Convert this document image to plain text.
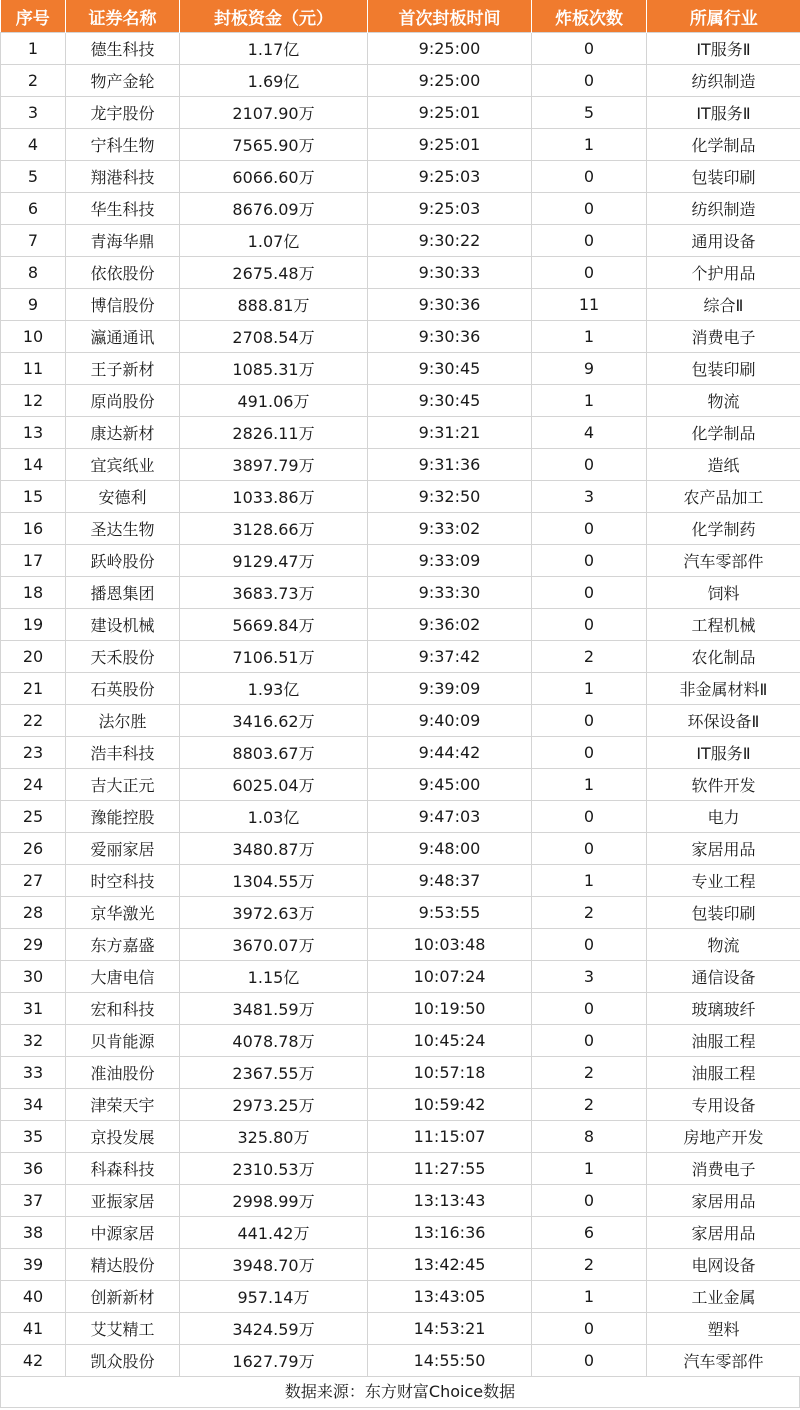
序号	证券名称	封板资金（元）	首次封板时间	炸板次数	所属行业
1	德生科技	1.17亿	9:25:00	0	IT服务Ⅱ
2	物产金轮	1.69亿	9:25:00	0	纺织制造
3	龙宇股份	2107.90万	9:25:01	5	IT服务Ⅱ
4	宁科生物	7565.90万	9:25:01	1	化学制品
5	翔港科技	6066.60万	9:25:03	0	包装印刷
6	华生科技	8676.09万	9:25:03	0	纺织制造
7	青海华鼎	1.07亿	9:30:22	0	通用设备
8	依依股份	2675.48万	9:30:33	0	个护用品
9	博信股份	888.81万	9:30:36	11	综合Ⅱ
10	瀛通通讯	2708.54万	9:30:36	1	消费电子
11	王子新材	1085.31万	9:30:45	9	包装印刷
12	原尚股份	491.06万	9:30:45	1	物流
13	康达新材	2826.11万	9:31:21	4	化学制品
14	宜宾纸业	3897.79万	9:31:36	0	造纸
15	安德利	1033.86万	9:32:50	3	农产品加工
16	圣达生物	3128.66万	9:33:02	0	化学制药
17	跃岭股份	9129.47万	9:33:09	0	汽车零部件
18	播恩集团	3683.73万	9:33:30	0	饲料
19	建设机械	5669.84万	9:36:02	0	工程机械
20	天禾股份	7106.51万	9:37:42	2	农化制品
21	石英股份	1.93亿	9:39:09	1	非金属材料Ⅱ
22	法尔胜	3416.62万	9:40:09	0	环保设备Ⅱ
23	浩丰科技	8803.67万	9:44:42	0	IT服务Ⅱ
24	吉大正元	6025.04万	9:45:00	1	软件开发
25	豫能控股	1.03亿	9:47:03	0	电力
26	爱丽家居	3480.87万	9:48:00	0	家居用品
27	时空科技	1304.55万	9:48:37	1	专业工程
28	京华激光	3972.63万	9:53:55	2	包装印刷
29	东方嘉盛	3670.07万	10:03:48	0	物流
30	大唐电信	1.15亿	10:07:24	3	通信设备
31	宏和科技	3481.59万	10:19:50	0	玻璃玻纤
32	贝肯能源	4078.78万	10:45:24	0	油服工程
33	准油股份	2367.55万	10:57:18	2	油服工程
34	津荣天宇	2973.25万	10:59:42	2	专用设备
35	京投发展	325.80万	11:15:07	8	房地产开发
36	科森科技	2310.53万	11:27:55	1	消费电子
37	亚振家居	2998.99万	13:13:43	0	家居用品
38	中源家居	441.42万	13:16:36	6	家居用品
39	精达股份	3948.70万	13:42:45	2	电网设备
40	创新新材	957.14万	13:43:05	1	工业金属
41	艾艾精工	3424.59万	14:53:21	0	塑料
42	凯众股份	1627.79万	14:55:50	0	汽车零部件
数据来源：东方财富Choice数据
